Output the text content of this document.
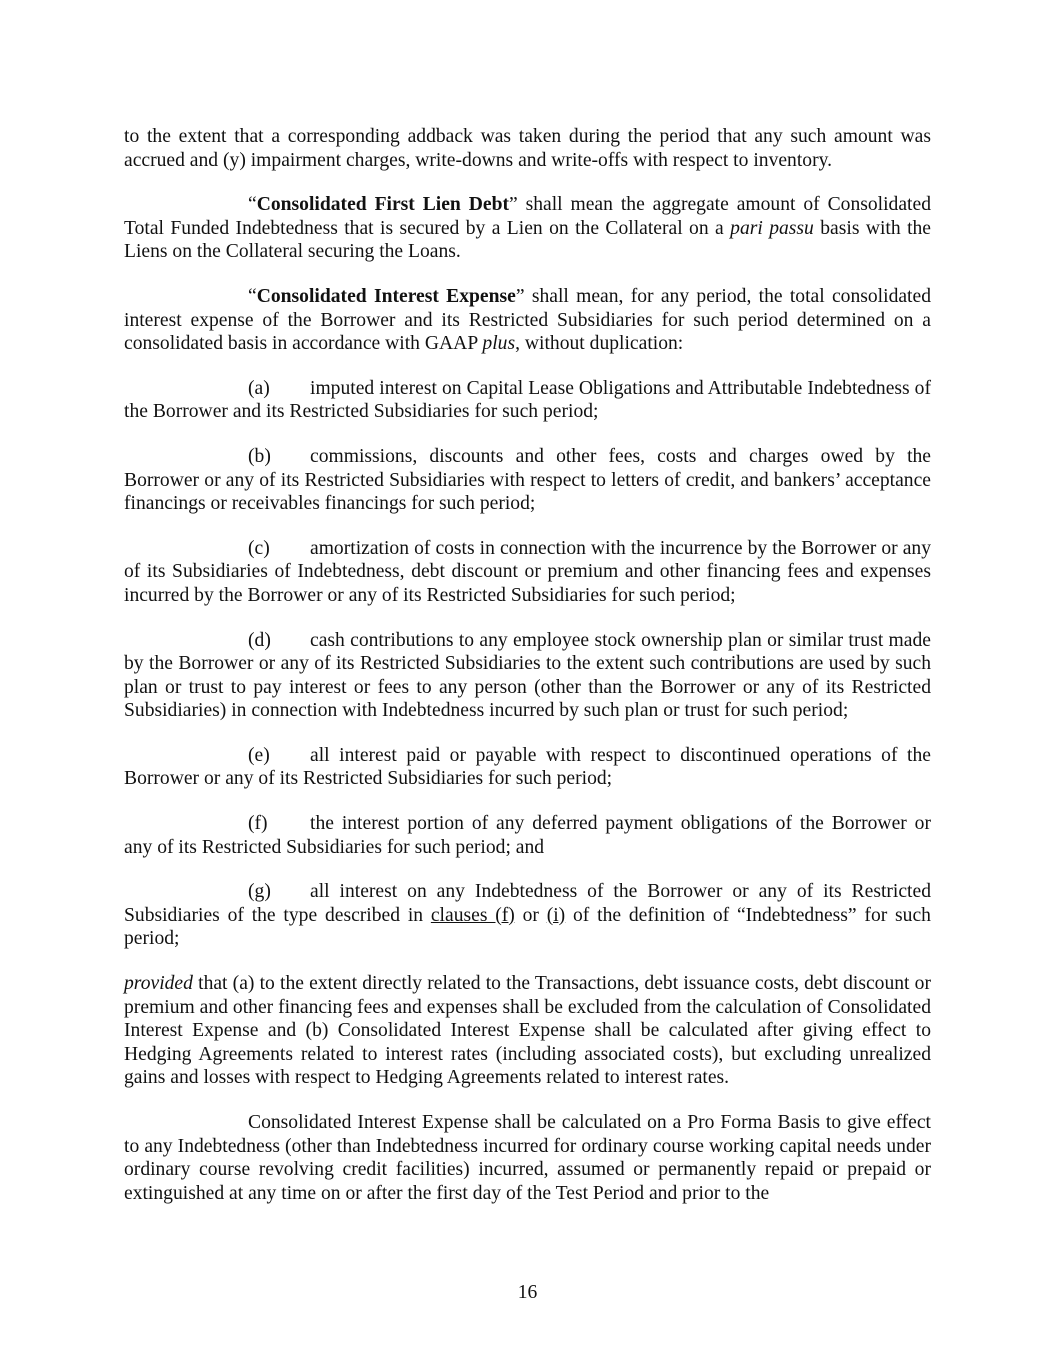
to the extent that a corresponding addback was taken during the period that any such amount was accrued and (y) impairment charges, write-downs and write-offs with respect to inventory.

“Consolidated First Lien Debt” shall mean the aggregate amount of Consolidated Total Funded Indebtedness that is secured by a Lien on the Collateral on a pari passu basis with the Liens on the Collateral securing the Loans.

“Consolidated Interest Expense” shall mean, for any period, the total consolidated interest expense of the Borrower and its Restricted Subsidiaries for such period determined on a consolidated basis in accordance with GAAP plus, without duplication:

(a) imputed interest on Capital Lease Obligations and Attributable Indebtedness of the Borrower and its Restricted Subsidiaries for such period;

(b) commissions, discounts and other fees, costs and charges owed by the Borrower or any of its Restricted Subsidiaries with respect to letters of credit, and bankers’ acceptance financings or receivables financings for such period;

(c) amortization of costs in connection with the incurrence by the Borrower or any of its Subsidiaries of Indebtedness, debt discount or premium and other financing fees and expenses incurred by the Borrower or any of its Restricted Subsidiaries for such period;

(d) cash contributions to any employee stock ownership plan or similar trust made by the Borrower or any of its Restricted Subsidiaries to the extent such contributions are used by such plan or trust to pay interest or fees to any person (other than the Borrower or any of its Restricted Subsidiaries) in connection with Indebtedness incurred by such plan or trust for such period;

(e) all interest paid or payable with respect to discontinued operations of the Borrower or any of its Restricted Subsidiaries for such period;

(f) the interest portion of any deferred payment obligations of the Borrower or any of its Restricted Subsidiaries for such period; and

(g) all interest on any Indebtedness of the Borrower or any of its Restricted Subsidiaries of the type described in clauses (f) or (i) of the definition of “Indebtedness” for such period;

provided that (a) to the extent directly related to the Transactions, debt issuance costs, debt discount or premium and other financing fees and expenses shall be excluded from the calculation of Consolidated Interest Expense and (b) Consolidated Interest Expense shall be calculated after giving effect to Hedging Agreements related to interest rates (including associated costs), but excluding unrealized gains and losses with respect to Hedging Agreements related to interest rates.

Consolidated Interest Expense shall be calculated on a Pro Forma Basis to give effect to any Indebtedness (other than Indebtedness incurred for ordinary course working capital needs under ordinary course revolving credit facilities) incurred, assumed or permanently repaid or prepaid or extinguished at any time on or after the first day of the Test Period and prior to the

16
